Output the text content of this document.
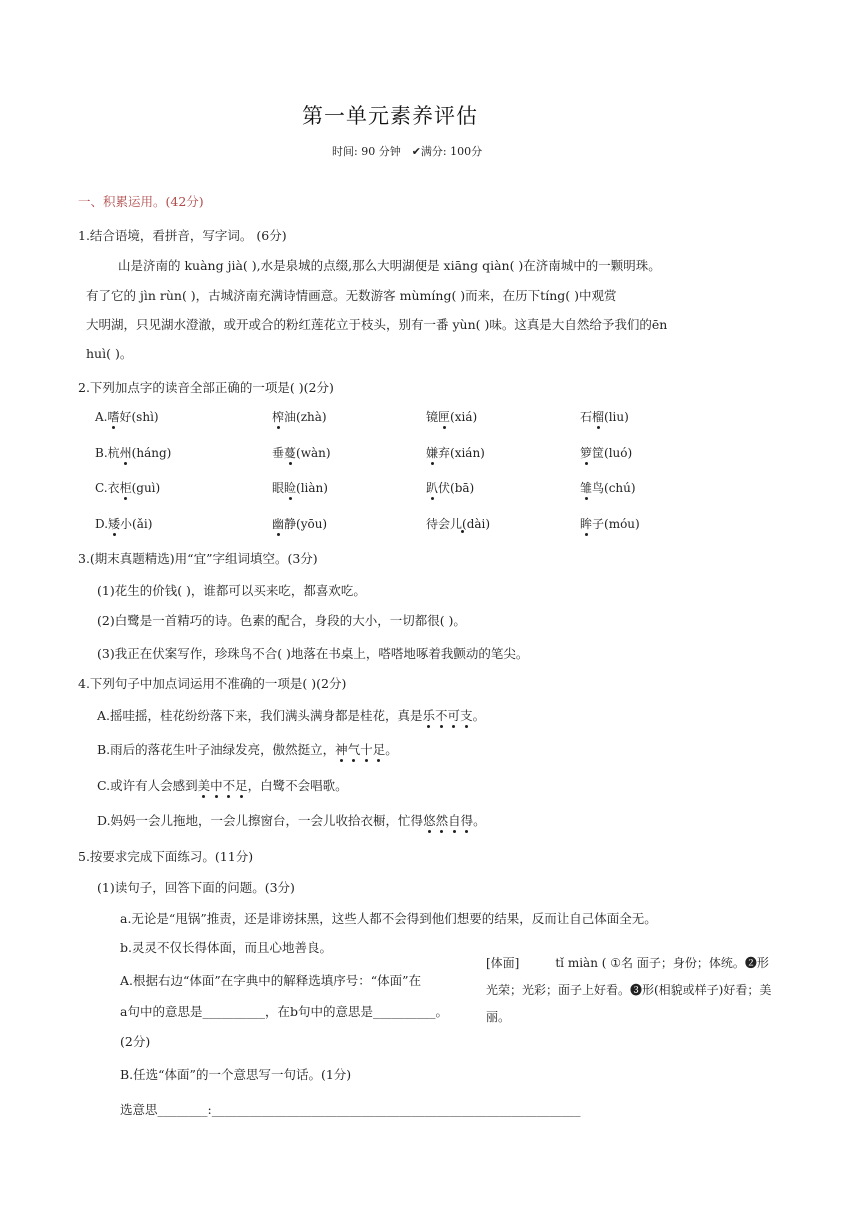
第一单元素养评估
时间: 90 分钟　✔满分: 100分
一、积累运用。(42分)
1.结合语境，看拼音，写字词。 (6分)
山是济南的 kuàng jià( ),水是泉城的点缀,那么大明湖便是 xiāng qiàn( )在济南城中的一颗明珠。
有了它的 jìn rùn( )，古城济南充满诗情画意。无数游客 mùmíng( )而来，在历下tíng( )中观赏
大明湖，只见湖水澄澈，或开或合的粉红莲花立于枝头，别有一番 yùn( )味。这真是大自然给予我们的ēn
huì( )。
2.下列加点字的读音全部正确的一项是( )(2分)
A.嗜好(shì)	榨油(zhà)	镜匣(xiá)	石榴(liu)
B.杭州(háng)	垂蔓(wàn)	嫌弃(xián)	箩筐(luó)
C.衣柜(guì)	眼睑(liàn)	趴伏(bā)	雏鸟(chú)
D.矮小(ǎi)	幽静(yōu)	待会儿(dài)	眸子(móu)
3.(期末真题精选)用“宜”字组词填空。(3分)
(1)花生的价钱( )，谁都可以买来吃，都喜欢吃。
(2)白鹭是一首精巧的诗。色素的配合，身段的大小，一切都很( )。
(3)我正在伏案写作，珍珠鸟不合( )地落在书桌上，嗒嗒地啄着我颤动的笔尖。
4.下列句子中加点词运用不准确的一项是( )(2分)
A.摇哇摇，桂花纷纷落下来，我们满头满身都是桂花，真是乐不可支。
B.雨后的落花生叶子油绿发亮，傲然挺立，神气十足。
C.或许有人会感到美中不足，白鹭不会唱歌。
D.妈妈一会儿拖地，一会儿擦窗台，一会儿收拾衣橱，忙得悠然自得。
5.按要求完成下面练习。(11分)
(1)读句子，回答下面的问题。(3分)
a.无论是“甩锅”推责，还是诽谤抹黑，这些人都不会得到他们想要的结果，反而让自己体面全无。
b.灵灵不仅长得体面，而且心地善良。
A.根据右边“体面”在字典中的解释选填序号：“体面”在
a句中的意思是__________，在b句中的意思是__________。
(2分)
[体面]　　　tǐ miàn ( ①名 面子；身份；体统。❷形光荣；光彩；面子上好看。❸形(相貌或样子)好看；美丽。
B.任选“体面”的一个意思写一句话。(1分)
选意思________:___________________________________________________________
